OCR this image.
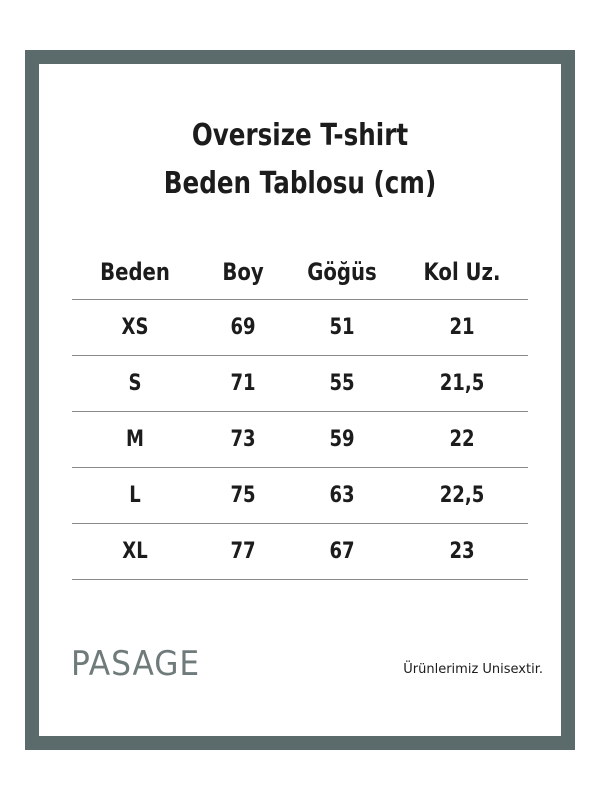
Oversize T-shirt
Beden Tablosu (cm)
Beden	Boy	Göğüs	Kol Uz.
XS	69	51	21
S	71	55	21,5
M	73	59	22
L	75	63	22,5
XL	77	67	23
PASAGE	Ürünlerimiz Unisextir.
